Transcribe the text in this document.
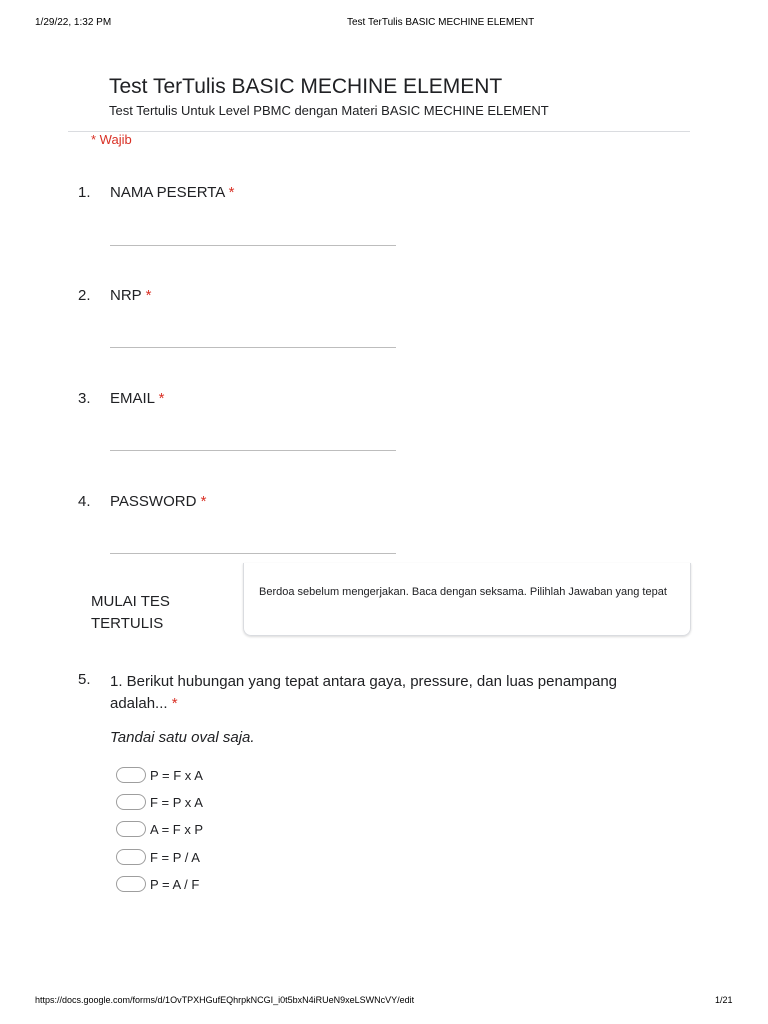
1/29/22, 1:32 PM	Test TerTulis BASIC MECHINE ELEMENT
Test TerTulis BASIC MECHINE ELEMENT
Test Tertulis Untuk Level PBMC dengan Materi BASIC MECHINE ELEMENT
* Wajib
1. NAMA PESERTA *
2. NRP *
3. EMAIL *
4. PASSWORD *
MULAI TES TERTULIS
Berdoa sebelum mengerjakan. Baca dengan seksama. Pilihlah Jawaban yang tepat
5. 1. Berikut hubungan yang tepat antara gaya, pressure, dan luas penampang adalah... *
Tandai satu oval saja.
P = F x A
F = P x A
A = F x P
F = P / A
P = A / F
https://docs.google.com/forms/d/1OvTPXHGufEQhrpkNCGI_i0t5bxN4iRUeN9xeLSWNcVY/edit	1/21
